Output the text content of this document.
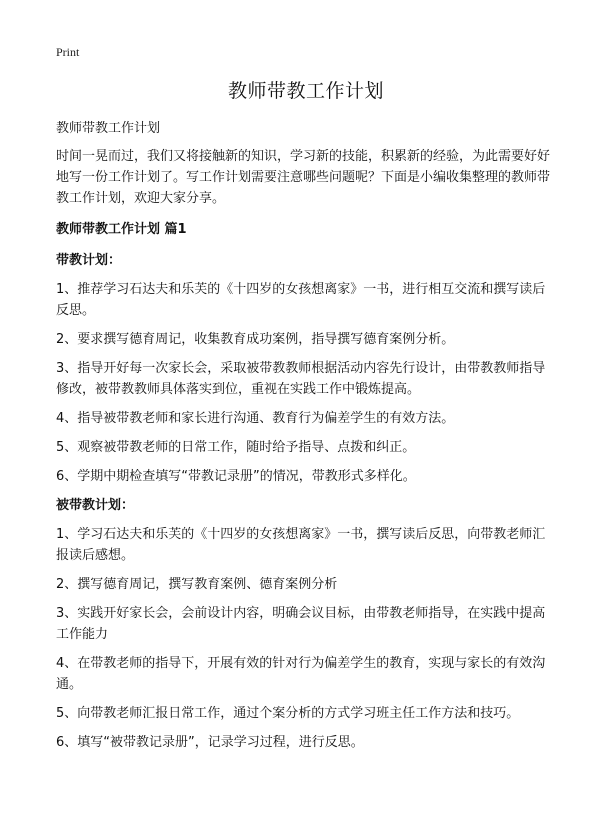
Print
教师带教工作计划

教师带教工作计划

时间一晃而过，我们又将接触新的知识，学习新的技能，积累新的经验，为此需要好好地写一份工作计划了。写工作计划需要注意哪些问题呢？下面是小编收集整理的教师带教工作计划，欢迎大家分享。

教师带教工作计划 篇1

带教计划：

1、推荐学习石达夫和乐芙的《十四岁的女孩想离家》一书，进行相互交流和撰写读后反思。

2、要求撰写德育周记，收集教育成功案例，指导撰写德育案例分析。

3、指导开好每一次家长会，采取被带教教师根据活动内容先行设计，由带教教师指导修改，被带教教师具体落实到位，重视在实践工作中锻炼提高。

4、指导被带教老师和家长进行沟通、教育行为偏差学生的有效方法。

5、观察被带教老师的日常工作，随时给予指导、点拨和纠正。

6、学期中期检查填写“带教记录册”的情况，带教形式多样化。

被带教计划：

1、学习石达夫和乐芙的《十四岁的女孩想离家》一书，撰写读后反思，向带教老师汇报读后感想。

2、撰写德育周记，撰写教育案例、德育案例分析

3、实践开好家长会，会前设计内容，明确会议目标，由带教老师指导，在实践中提高工作能力

4、在带教老师的指导下，开展有效的针对行为偏差学生的教育，实现与家长的有效沟通。

5、向带教老师汇报日常工作，通过个案分析的方式学习班主任工作方法和技巧。

6、填写“被带教记录册”，记录学习过程，进行反思。
